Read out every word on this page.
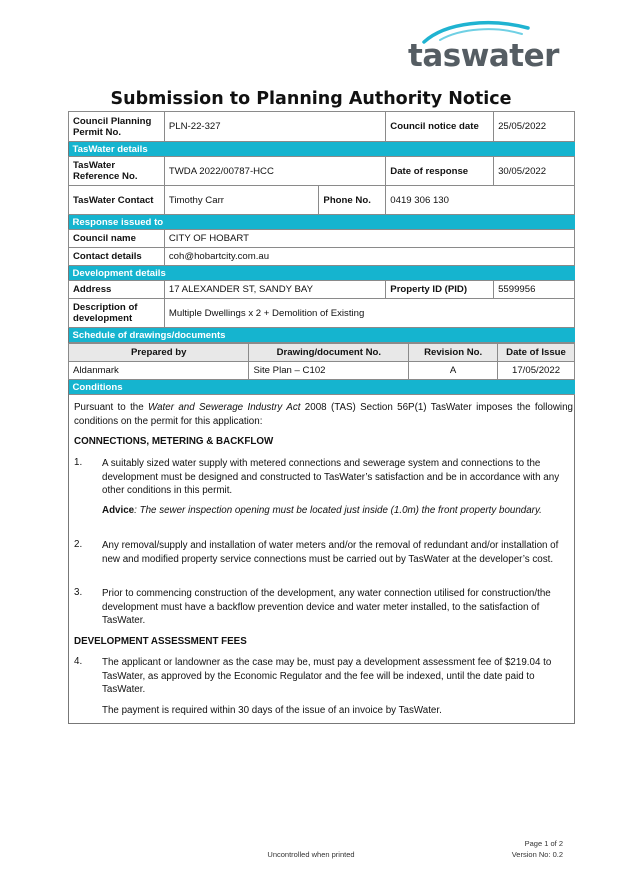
taswater
Submission to Planning Authority Notice
Council Planning Permit No.	PLN-22-327		Council notice date	25/05/2022
TasWater details				
TasWater Reference No.	TWDA 2022/00787-HCC		Date of response	30/05/2022
TasWater Contact	Timothy Carr	Phone No.	0419 306 130	
Response issued to				
Council name	CITY OF HOBART			
Contact details	coh@hobartcity.com.au			
Development details				
Address	17 ALEXANDER ST, SANDY BAY		Property ID (PID)	5599956
Description of development	Multiple Dwellings x 2 + Demolition of Existing			
Schedule of drawings/documents				
Prepared by	Drawing/document No.	Revision No.	Date of Issue
Aldanmark	Site Plan – C102	A	17/05/2022
Conditions			
Pursuant to the Water and Sewerage Industry Act 2008 (TAS) Section 56P(1) TasWater imposes the following conditions on the permit for this application:
CONNECTIONS, METERING & BACKFLOW
1. A suitably sized water supply with metered connections and sewerage system and connections to the development must be designed and constructed to TasWater’s satisfaction and be in accordance with any other conditions in this permit.
Advice: The sewer inspection opening must be located just inside (1.0m) the front property boundary.
2. Any removal/supply and installation of water meters and/or the removal of redundant and/or installation of new and modified property service connections must be carried out by TasWater at the developer’s cost.
3. Prior to commencing construction of the development, any water connection utilised for construction/the development must have a backflow prevention device and water meter installed, to the satisfaction of TasWater.
DEVELOPMENT ASSESSMENT FEES
4. The applicant or landowner as the case may be, must pay a development assessment fee of $219.04 to TasWater, as approved by the Economic Regulator and the fee will be indexed, until the date paid to TasWater.
The payment is required within 30 days of the issue of an invoice by TasWater.
Uncontrolled when printed
Page 1 of 2
Version No: 0.2
